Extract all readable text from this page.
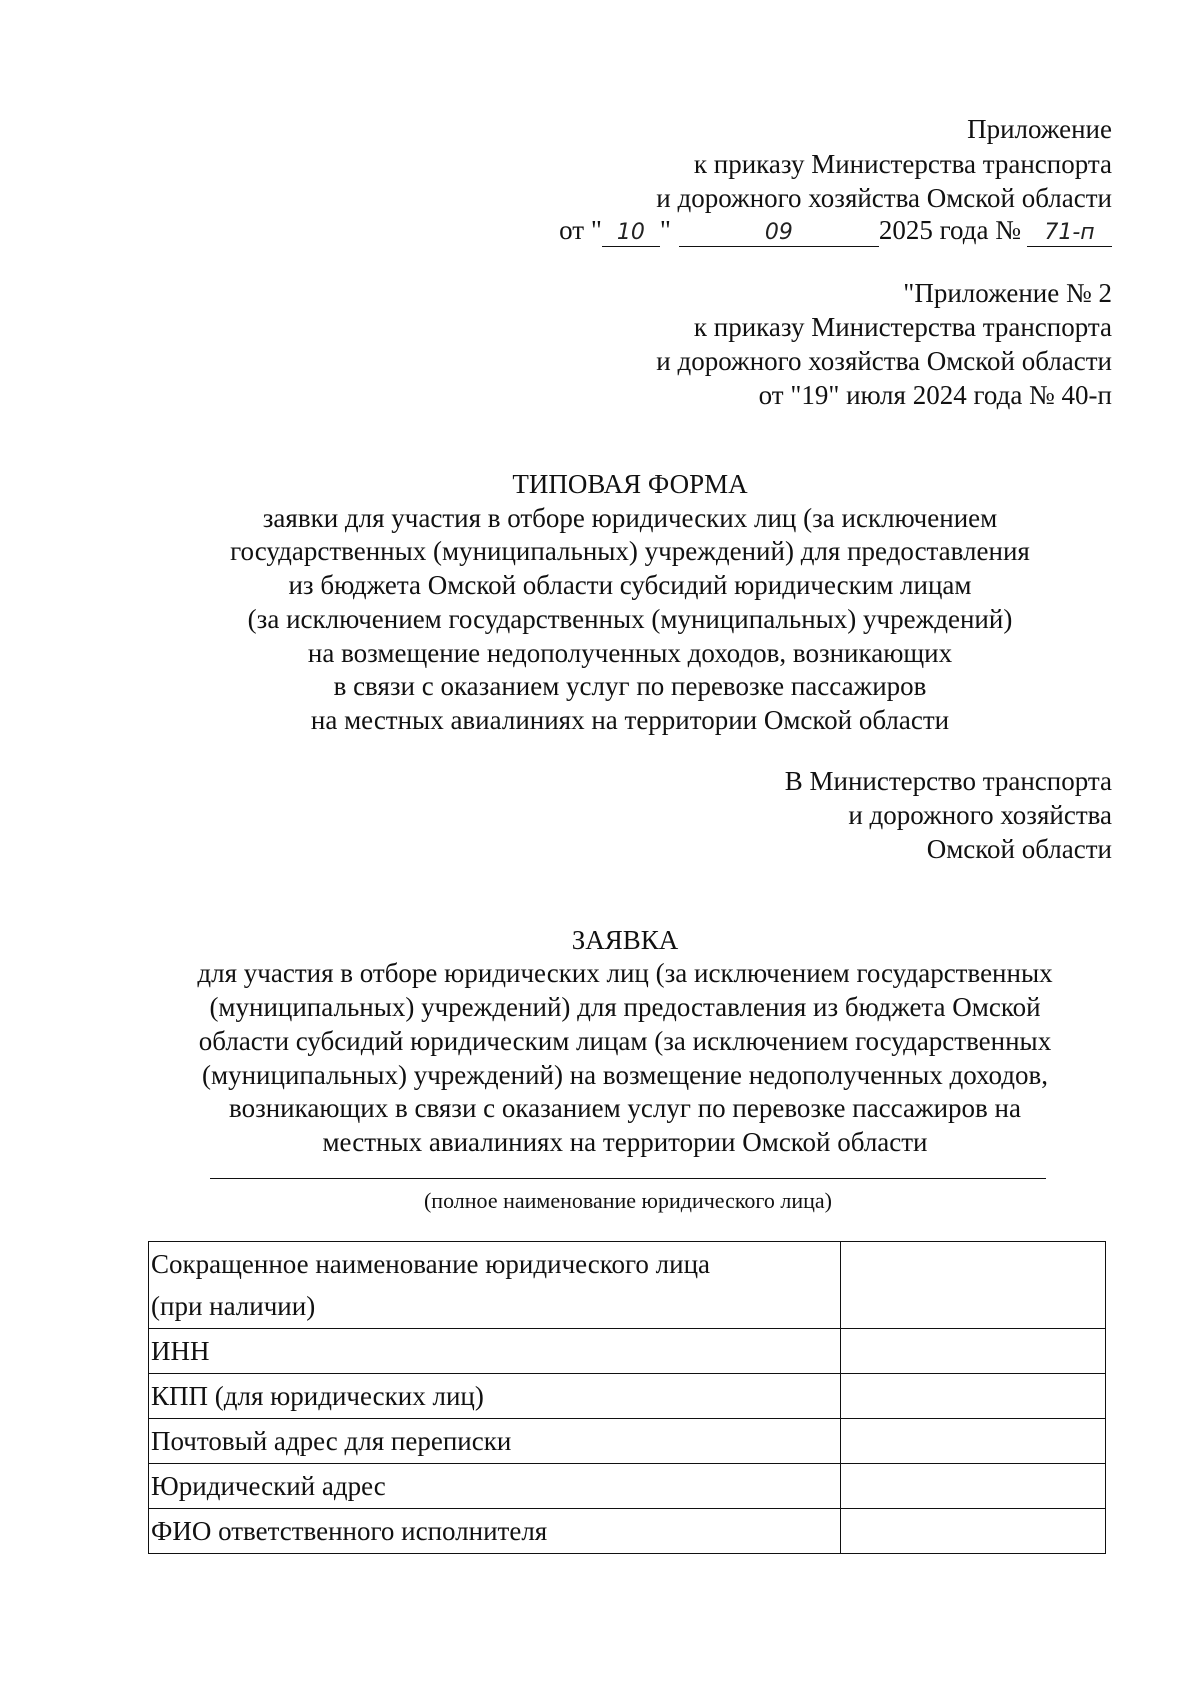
Приложение
к приказу Министерства транспорта
и дорожного хозяйства Омской области
от " 10 "	09	2025 года № 71-п
"Приложение № 2
к приказу Министерства транспорта
и дорожного хозяйства Омской области
от "19" июля 2024 года № 40-п
ТИПОВАЯ ФОРМА
заявки для участия в отборе юридических лиц (за исключением
государственных (муниципальных) учреждений) для предоставления
из бюджета Омской области субсидий юридическим лицам
(за исключением государственных (муниципальных) учреждений)
на возмещение недополученных доходов, возникающих
в связи с оказанием услуг по перевозке пассажиров
на местных авиалиниях на территории Омской области
В Министерство транспорта
и дорожного хозяйства
Омской области
ЗАЯВКА
для участия в отборе юридических лиц (за исключением государственных
(муниципальных) учреждений) для предоставления из бюджета Омской
области субсидий юридическим лицам (за исключением государственных
(муниципальных) учреждений) на возмещение недополученных доходов,
возникающих в связи с оказанием услуг по перевозке пассажиров на
местных авиалиниях на территории Омской области
(полное наименование юридического лица)
Сокращенное наименование юридического лица
(при наличии)	

ИНН	
КПП (для юридических лиц)	
Почтовый адрес для переписки	
Юридический адрес	
ФИО ответственного исполнителя	
